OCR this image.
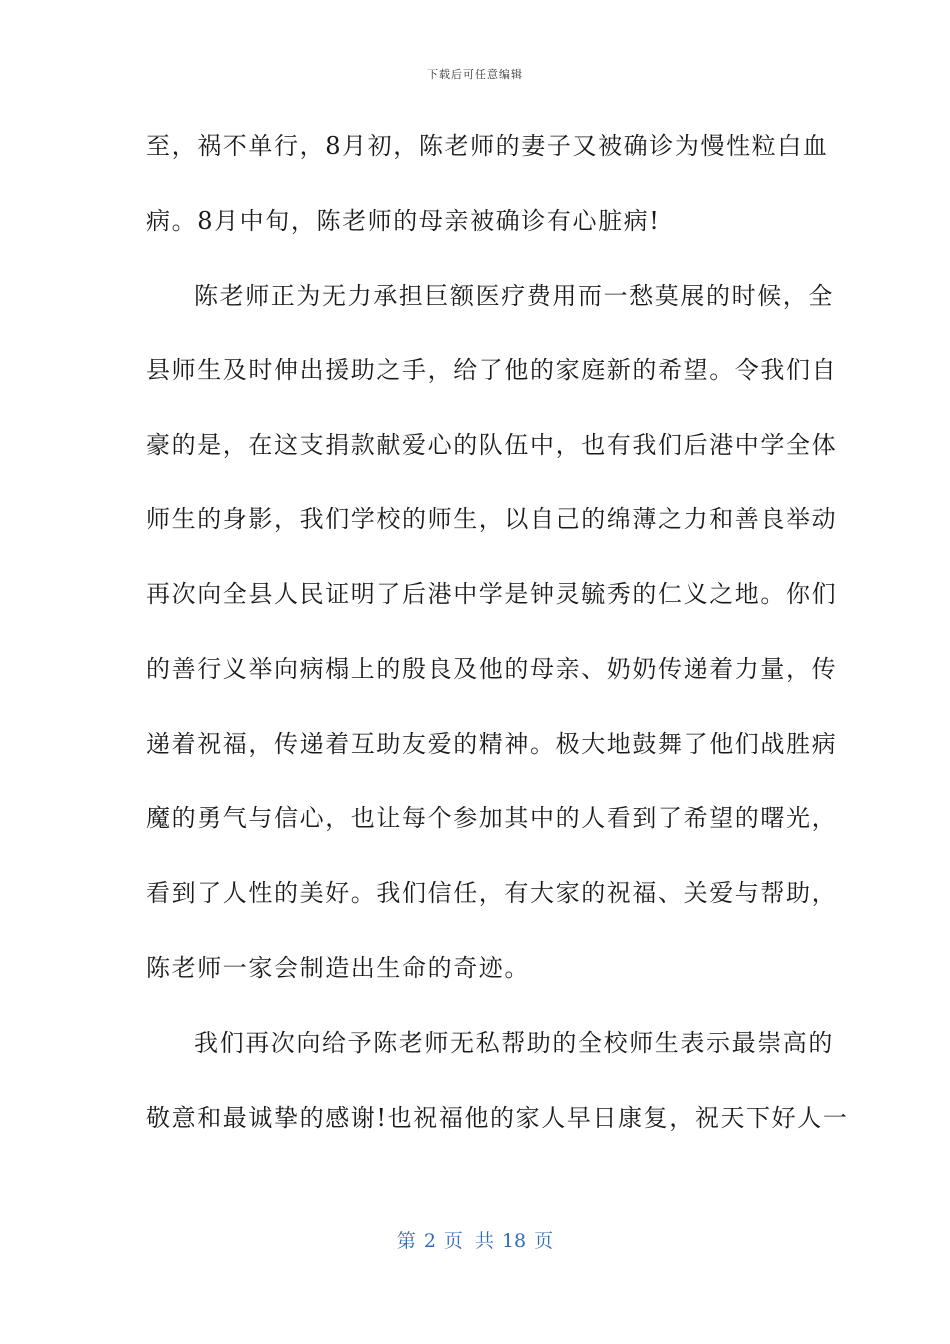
下载后可任意编辑
至，祸不单行，8月初，陈老师的妻子又被确诊为慢性粒白血
病。8月中旬，陈老师的母亲被确诊有心脏病!
陈老师正为无力承担巨额医疗费用而一愁莫展的时候，全
县师生及时伸出援助之手，给了他的家庭新的希望。令我们自
豪的是，在这支捐款献爱心的队伍中，也有我们后港中学全体
师生的身影，我们学校的师生，以自己的绵薄之力和善良举动
再次向全县人民证明了后港中学是钟灵毓秀的仁义之地。你们
的善行义举向病榻上的殷良及他的母亲、奶奶传递着力量，传
递着祝福，传递着互助友爱的精神。极大地鼓舞了他们战胜病
魔的勇气与信心，也让每个参加其中的人看到了希望的曙光，
看到了人性的美好。我们信任，有大家的祝福、关爱与帮助，
陈老师一家会制造出生命的奇迹。
我们再次向给予陈老师无私帮助的全校师生表示最崇高的
敬意和最诚挚的感谢!也祝福他的家人早日康复，祝天下好人一
第 2 页 共 18 页
